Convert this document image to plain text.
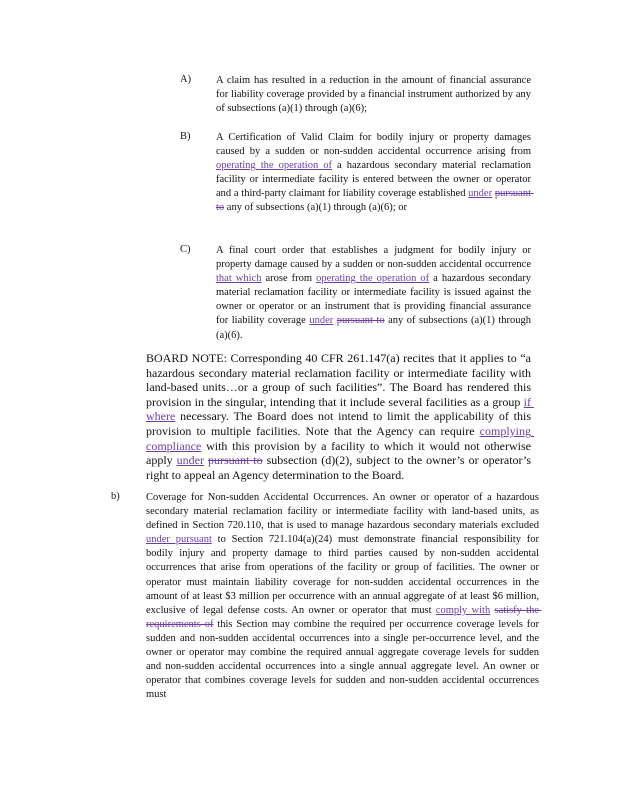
A) A claim has resulted in a reduction in the amount of financial assurance for liability coverage provided by a financial instrument authorized by any of subsections (a)(1) through (a)(6);
B) A Certification of Valid Claim for bodily injury or property damages caused by a sudden or non-sudden accidental occurrence arising from operating the operation of a hazardous secondary material reclamation facility or intermediate facility is entered between the owner or operator and a third-party claimant for liability coverage established under pursuant to any of subsections (a)(1) through (a)(6); or
C) A final court order that establishes a judgment for bodily injury or property damage caused by a sudden or non-sudden accidental occurrence that which arose from operating the operation of a hazardous secondary material reclamation facility or intermediate facility is issued against the owner or operator or an instrument that is providing financial assurance for liability coverage under pursuant to any of subsections (a)(1) through (a)(6).
BOARD NOTE: Corresponding 40 CFR 261.147(a) recites that it applies to “a hazardous secondary material reclamation facility or intermediate facility with land-based units…or a group of such facilities”. The Board has rendered this provision in the singular, intending that it include several facilities as a group if where necessary. The Board does not intend to limit the applicability of this provision to multiple facilities. Note that the Agency can require complying compliance with this provision by a facility to which it would not otherwise apply under pursuant to subsection (d)(2), subject to the owner’s or operator’s right to appeal an Agency determination to the Board.
b)	Coverage for Non-sudden Accidental Occurrences. An owner or operator of a hazardous secondary material reclamation facility or intermediate facility with land-based units, as defined in Section 720.110, that is used to manage hazardous secondary materials excluded under pursuant to Section 721.104(a)(24) must demonstrate financial responsibility for bodily injury and property damage to third parties caused by non-sudden accidental occurrences that arise from operations of the facility or group of facilities. The owner or operator must maintain liability coverage for non-sudden accidental occurrences in the amount of at least $3 million per occurrence with an annual aggregate of at least $6 million, exclusive of legal defense costs. An owner or operator that must comply with satisfy the requirements of this Section may combine the required per occurrence coverage levels for sudden and non-sudden accidental occurrences into a single per-occurrence level, and the owner or operator may combine the required annual aggregate coverage levels for sudden and non-sudden accidental occurrences into a single annual aggregate level. An owner or operator that combines coverage levels for sudden and non-sudden accidental occurrences must
